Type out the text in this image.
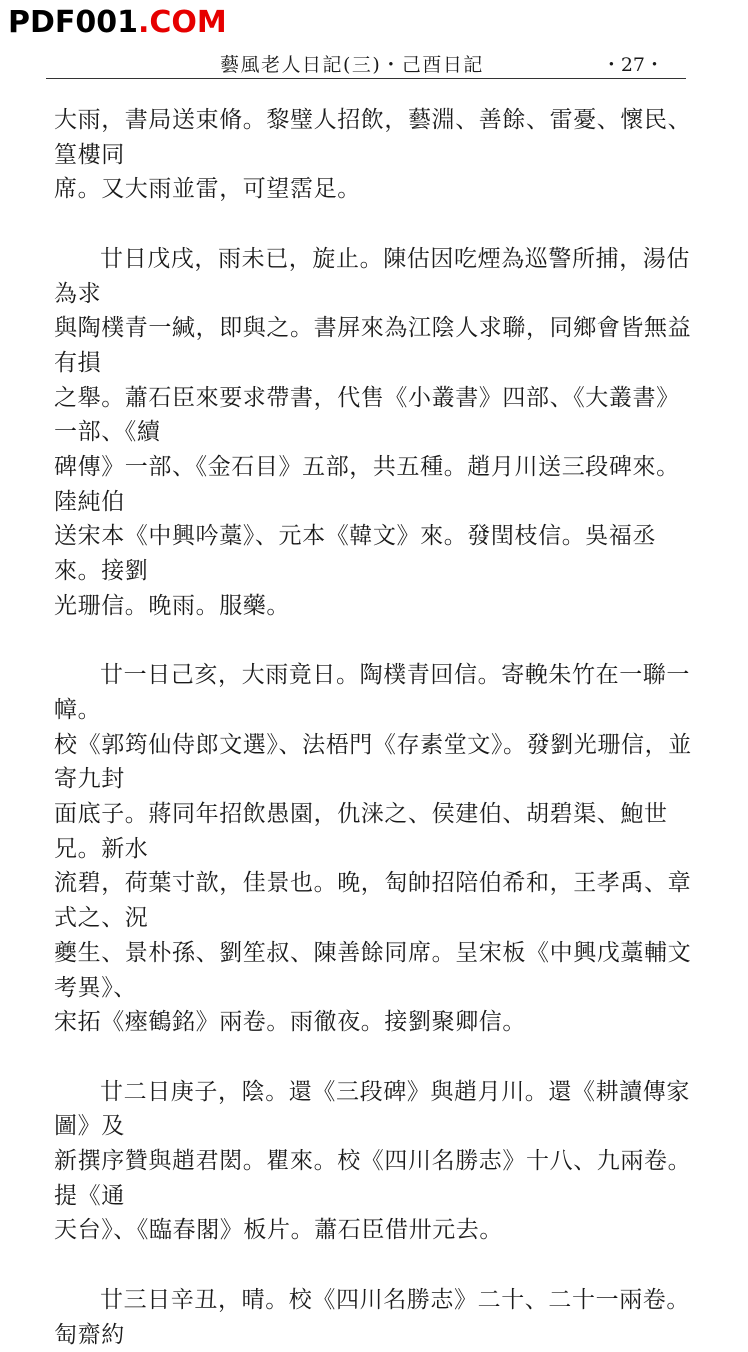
PDF001.COM
藝風老人日記(三)・己酉日記	・27・

大雨，書局送束脩。黎璧人招飲，藝淵、善餘、雷憂、懷民、篁樓同
席。又大雨並雷，可望霑足。

廿日戊戌，雨未已，旋止。陳估因吃煙為巡警所捕，湯估為求
與陶樸青一緘，即與之。書屏來為江陰人求聯，同鄉會皆無益有損
之舉。蕭石臣來要求帶書，代售《小叢書》四部、《大叢書》一部、《續
碑傳》一部、《金石目》五部，共五種。趙月川送三段碑來。陸純伯
送宋本《中興吟藁》、元本《韓文》來。發閏枝信。吳福丞來。接劉
光珊信。晚雨。服藥。

廿一日己亥，大雨竟日。陶樸青回信。寄輓朱竹在一聯一幛。
校《郭筠仙侍郎文選》、法梧門《存素堂文》。發劉光珊信，並寄九封
面底子。蔣同年招飲愚園，仇涞之、侯建伯、胡碧渠、鮑世兄。新水
流碧，荷葉寸歆，佳景也。晚，匋帥招陪伯希和，王孝禹、章式之、況
夔生、景朴孫、劉笙叔、陳善餘同席。呈宋板《中興戊藁輔文考異》、
宋拓《瘞鶴銘》兩卷。雨徹夜。接劉聚卿信。

廿二日庚子，陰。還《三段碑》與趙月川。還《耕讀傳家圖》及
新撰序贊與趙君閎。瞿來。校《四川名勝志》十八、九兩卷。提《通
天台》、《臨春閣》板片。蕭石臣借卅元去。

廿三日辛丑，晴。校《四川名勝志》二十、二十一兩卷。匋齋約
